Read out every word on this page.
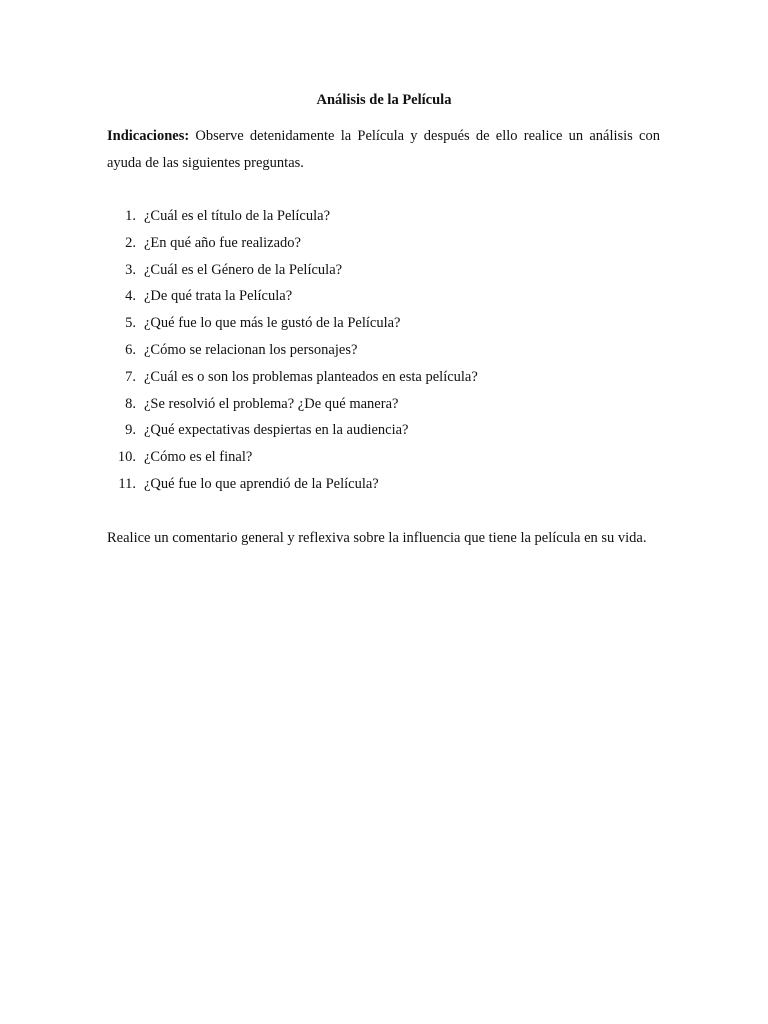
Análisis de la Película
Indicaciones: Observe detenidamente la Película y después de ello realice un análisis con ayuda de las siguientes preguntas.
1. ¿Cuál es el título de la Película?
2. ¿En qué año fue realizado?
3. ¿Cuál es el Género de la Película?
4. ¿De qué trata la Película?
5. ¿Qué fue lo que más le gustó de la Película?
6. ¿Cómo se relacionan los personajes?
7. ¿Cuál es o son los problemas planteados en esta película?
8. ¿Se resolvió el problema? ¿De qué manera?
9. ¿Qué expectativas despiertas en la audiencia?
10. ¿Cómo es el final?
11. ¿Qué fue lo que aprendió de la Película?
Realice un comentario general y reflexiva sobre la influencia que tiene la película en su vida.
